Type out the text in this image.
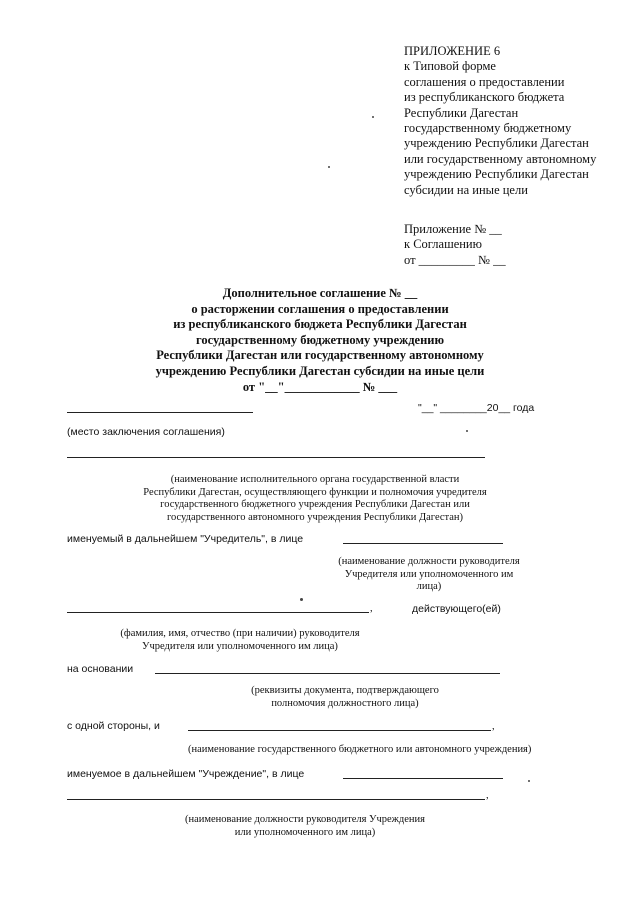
ПРИЛОЖЕНИЕ 6
к Типовой форме
соглашения о предоставлении
из республиканского бюджета
Республики Дагестан
государственному бюджетному
учреждению Республики Дагестан
или государственному автономному
учреждению Республики Дагестан
субсидии на иные цели
Приложение № __
к Соглашению
от _________ № __
Дополнительное соглашение № __
о расторжении соглашения о предоставлении
из республиканского бюджета Республики Дагестан
государственному бюджетному учреждению
Республики Дагестан или государственному автономному
учреждению Республики Дагестан субсидии на иные цели
от "__"____________ № ___
"__" ________20__ года
(место заключения соглашения)
(наименование исполнительного органа государственной власти
Республики Дагестан, осуществляющего функции и полномочия учредителя
государственного бюджетного учреждения Республики Дагестан или
государственного автономного учреждения Республики Дагестан)
именуемый в дальнейшем "Учредитель", в лице
(наименование должности руководителя
Учредителя или уполномоченного им
лица)
,	действующего(ей)
(фамилия, имя, отчество (при наличии) руководителя
Учредителя или уполномоченного им лица)
на основании
(реквизиты документа, подтверждающего
полномочия должностного лица)
с одной стороны, и	,
(наименование государственного бюджетного или автономного учреждения)
именуемое в дальнейшем "Учреждение", в лице
,
(наименование должности руководителя Учреждения
или уполномоченного им лица)
